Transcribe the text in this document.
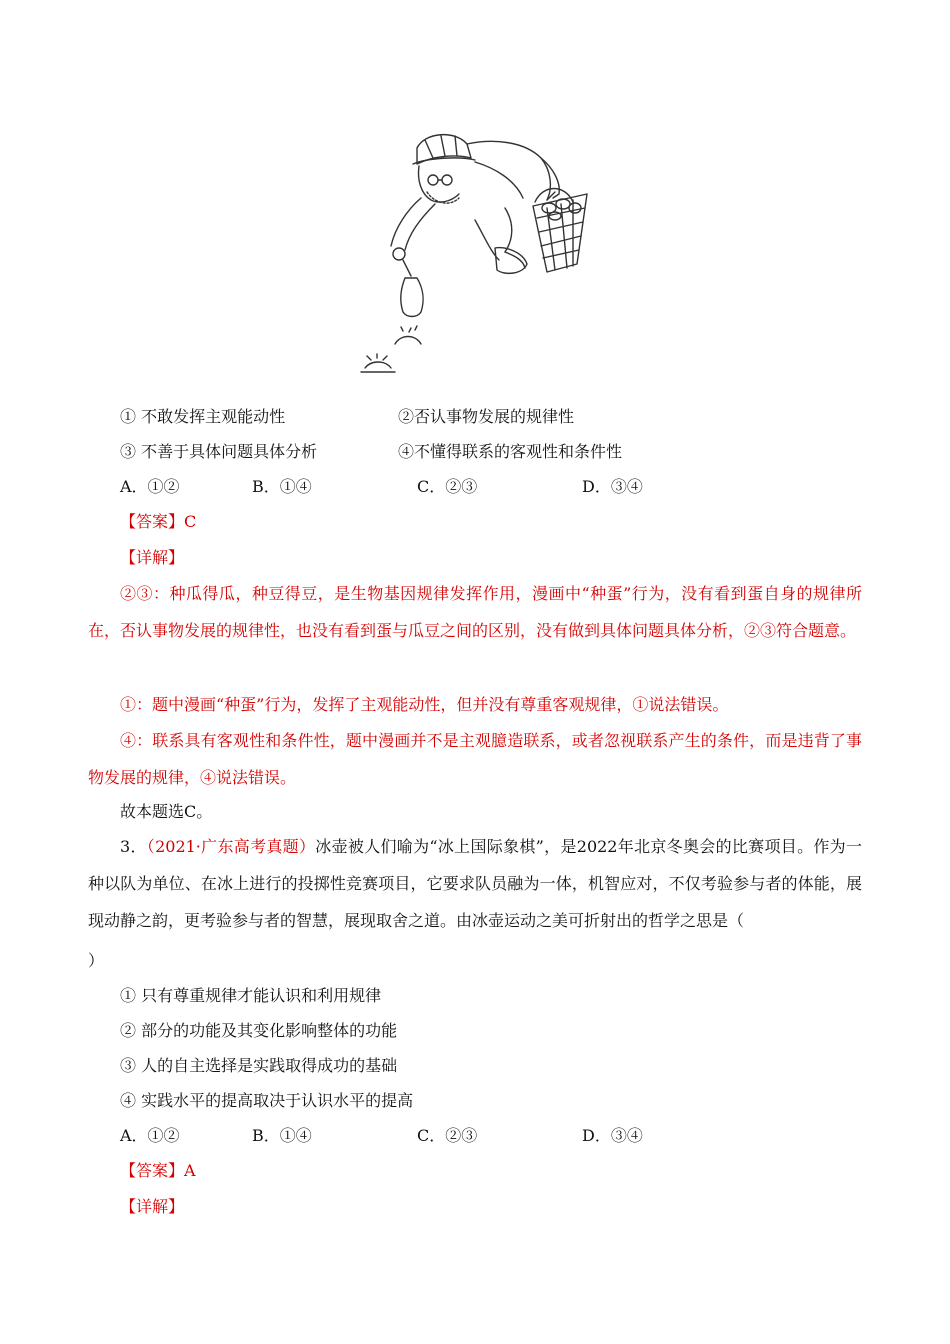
① 不敢发挥主观能动性	②否认事物发展的规律性
③ 不善于具体问题具体分析	④不懂得联系的客观性和条件性
A．①②	B．①④	C．②③	D．③④
【答案】C
【详解】
②③：种瓜得瓜，种豆得豆，是生物基因规律发挥作用，漫画中“种蛋”行为，没有看到蛋自身的规律所在，否认事物发展的规律性，也没有看到蛋与瓜豆之间的区别，没有做到具体问题具体分析，②③符合题意。
①：题中漫画“种蛋”行为，发挥了主观能动性，但并没有尊重客观规律，①说法错误。
④：联系具有客观性和条件性，题中漫画并不是主观臆造联系，或者忽视联系产生的条件，而是违背了事物发展的规律，④说法错误。
故本题选C。
3．（2021·广东高考真题）冰壶被人们喻为“冰上国际象棋”，是2022年北京冬奥会的比赛项目。作为一种以队为单位、在冰上进行的投掷性竞赛项目，它要求队员融为一体，机智应对，不仅考验参与者的体能，展现动静之韵，更考验参与者的智慧，展现取舍之道。由冰壶运动之美可折射出的哲学之思是（
）
① 只有尊重规律才能认识和利用规律
② 部分的功能及其变化影响整体的功能
③ 人的自主选择是实践取得成功的基础
④ 实践水平的提高取决于认识水平的提高
A．①②	B．①④	C．②③	D．③④
【答案】A
【详解】
